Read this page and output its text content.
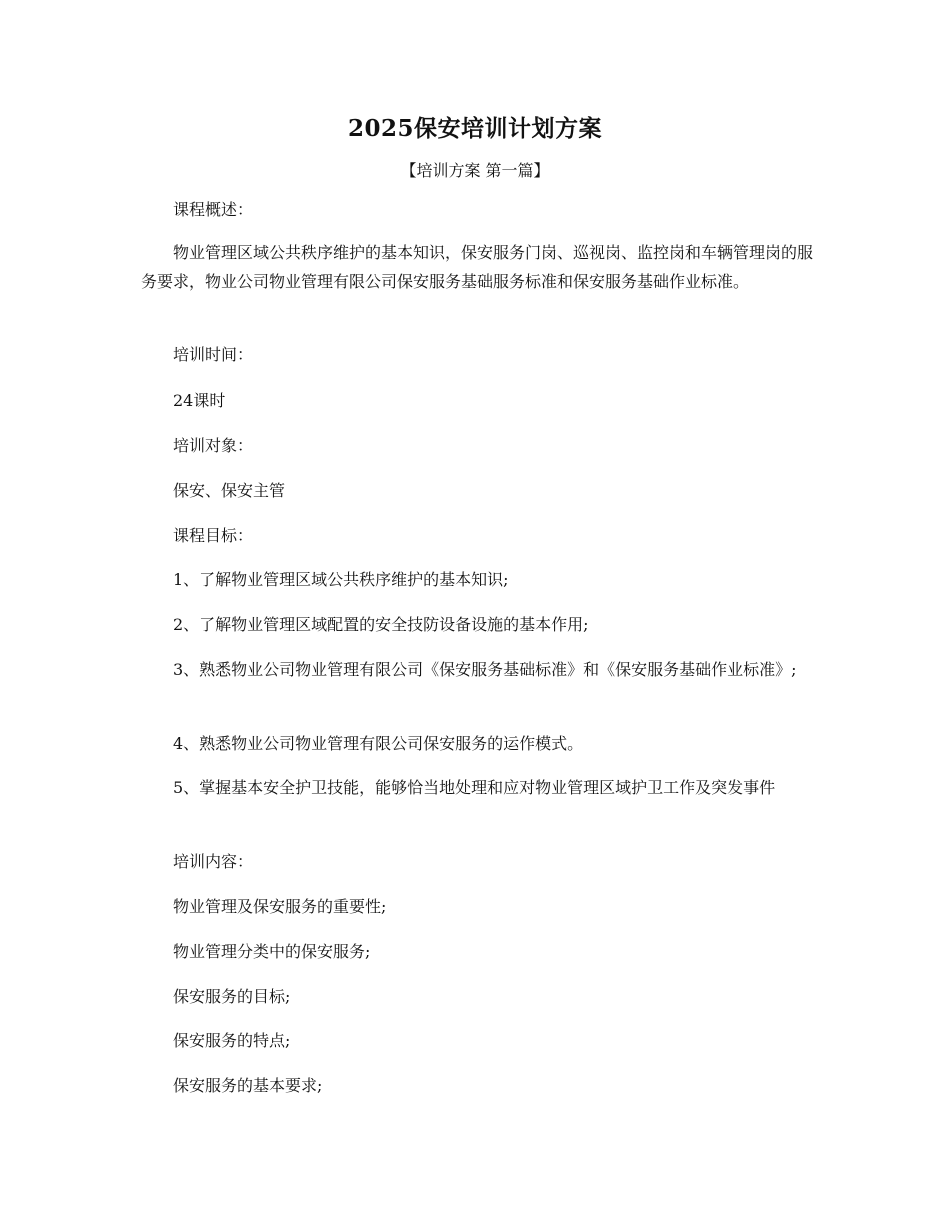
2025保安培训计划方案
【培训方案 第一篇】

课程概述：

物业管理区域公共秩序维护的基本知识，保安服务门岗、巡视岗、监控岗和车辆管理岗的服务要求，物业公司物业管理有限公司保安服务基础服务标准和保安服务基础作业标准。

培训时间：

24课时

培训对象：

保安、保安主管

课程目标：

1、了解物业管理区域公共秩序维护的基本知识;

2、了解物业管理区域配置的安全技防设备设施的基本作用;

3、熟悉物业公司物业管理有限公司《保安服务基础标准》和《保安服务基础作业标准》;

4、熟悉物业公司物业管理有限公司保安服务的运作模式。

5、掌握基本安全护卫技能，能够恰当地处理和应对物业管理区域护卫工作及突发事件

培训内容：

物业管理及保安服务的重要性;

物业管理分类中的保安服务;

保安服务的目标;

保安服务的特点;

保安服务的基本要求;
